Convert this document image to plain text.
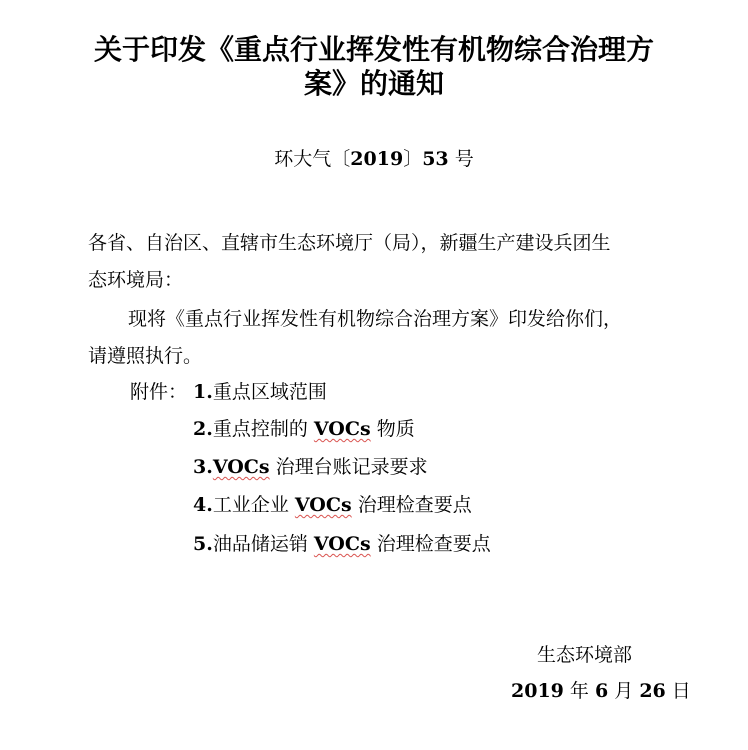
关于印发《重点行业挥发性有机物综合治理方
案》的通知
环大气〔2019〕53 号
各省、自治区、直辖市生态环境厅（局），新疆生产建设兵团生
态环境局：
现将《重点行业挥发性有机物综合治理方案》印发给你们，
请遵照执行。
附件： 1.重点区域范围
2.重点控制的 VOCs 物质
3.VOCs 治理台账记录要求
4.工业企业 VOCs 治理检查要点
5.油品储运销 VOCs 治理检查要点
生态环境部
2019 年 6 月 26 日
